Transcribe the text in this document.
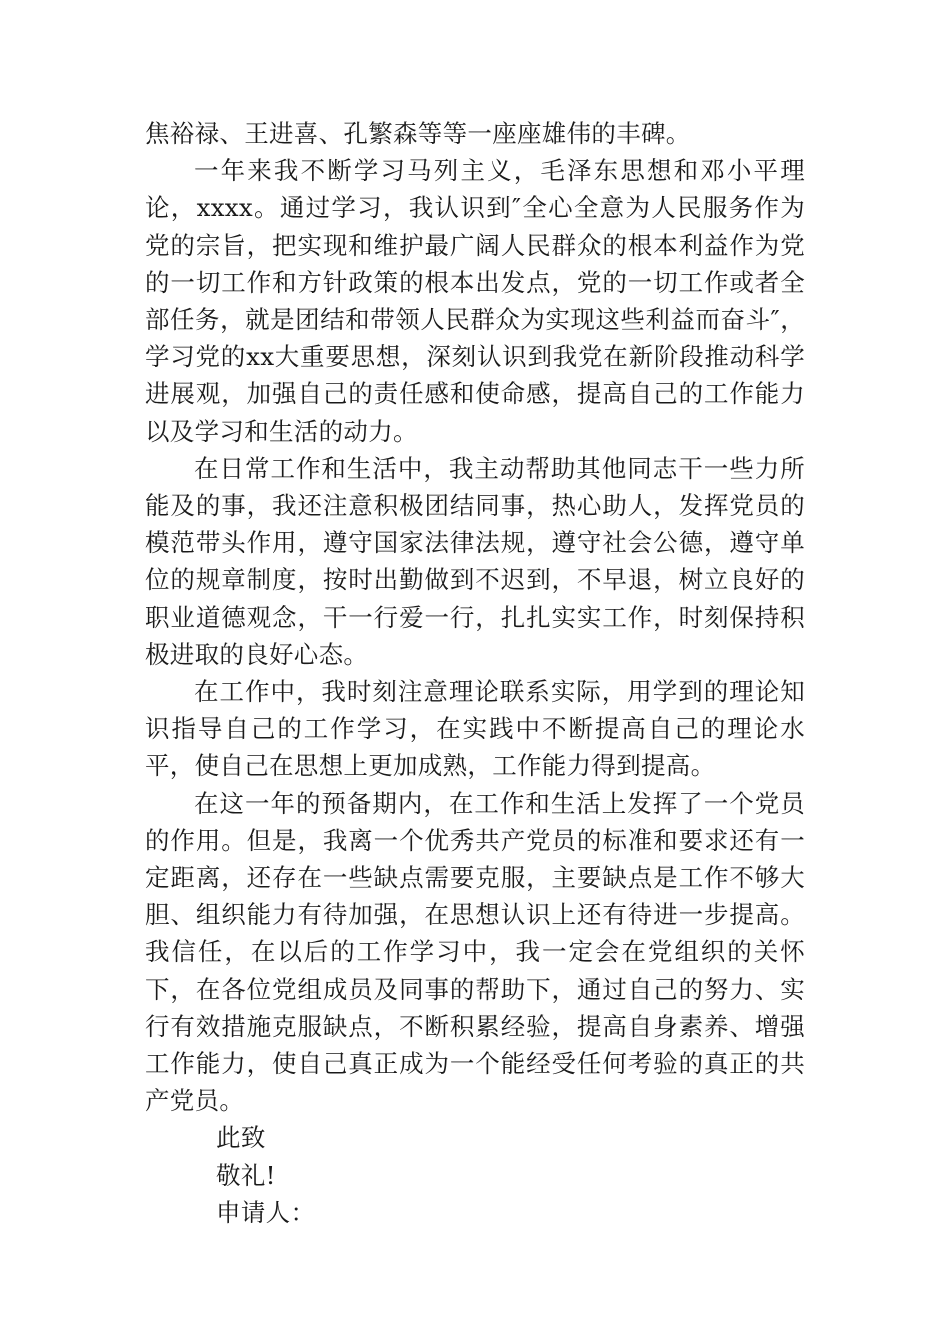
焦裕禄、王进喜、孔繁森等等一座座雄伟的丰碑。

一年来我不断学习马列主义，毛泽东思想和邓小平理论，xxxx。通过学习，我认识到″全心全意为人民服务作为党的宗旨，把实现和维护最广阔人民群众的根本利益作为党的一切工作和方针政策的根本出发点，党的一切工作或者全部任务，就是团结和带领人民群众为实现这些利益而奋斗″，学习党的xx大重要思想，深刻认识到我党在新阶段推动科学进展观，加强自己的责任感和使命感，提高自己的工作能力以及学习和生活的动力。

在日常工作和生活中，我主动帮助其他同志干一些力所能及的事，我还注意积极团结同事，热心助人，发挥党员的模范带头作用，遵守国家法律法规，遵守社会公德，遵守单位的规章制度，按时出勤做到不迟到，不早退，树立良好的职业道德观念，干一行爱一行，扎扎实实工作，时刻保持积极进取的良好心态。

在工作中，我时刻注意理论联系实际，用学到的理论知识指导自己的工作学习，在实践中不断提高自己的理论水平，使自己在思想上更加成熟，工作能力得到提高。

在这一年的预备期内，在工作和生活上发挥了一个党员的作用。但是，我离一个优秀共产党员的标准和要求还有一定距离，还存在一些缺点需要克服，主要缺点是工作不够大胆、组织能力有待加强，在思想认识上还有待进一步提高。我信任，在以后的工作学习中，我一定会在党组织的关怀下，在各位党组成员及同事的帮助下，通过自己的努力、实行有效措施克服缺点，不断积累经验，提高自身素养、增强工作能力，使自己真正成为一个能经受任何考验的真正的共产党员。

此致

敬礼!

申请人：
